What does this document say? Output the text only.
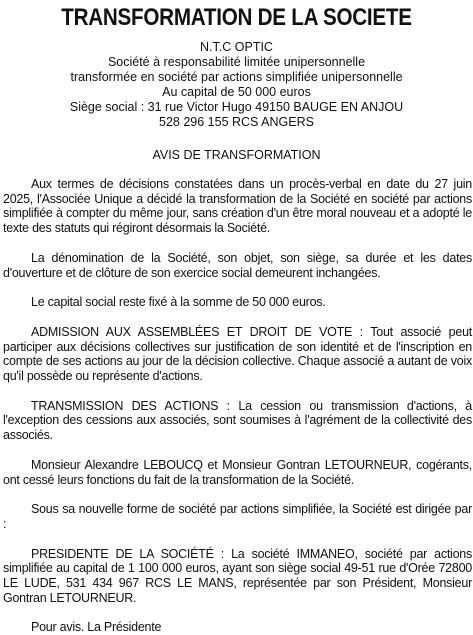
TRANSFORMATION DE LA SOCIETE
N.T.C OPTIC
Société à responsabilité limitée unipersonnelle
transformée en société par actions simplifiée unipersonnelle
Au capital de 50 000 euros
Siège social : 31 rue Victor Hugo 49150 BAUGE EN ANJOU
528 296 155 RCS ANGERS
AVIS DE TRANSFORMATION

Aux termes de décisions constatées dans un procès-verbal en date du 27 juin 2025, l'Associée Unique a décidé la transformation de la Société en société par actions simplifiée à compter du même jour, sans création d'un être moral nouveau et a adopté le texte des statuts qui régiront désormais la Société.

La dénomination de la Société, son objet, son siège, sa durée et les dates d'ouverture et de clôture de son exercice social demeurent inchangées.

Le capital social reste fixé à la somme de 50 000 euros.

ADMISSION AUX ASSEMBLÉES ET DROIT DE VOTE : Tout associé peut participer aux décisions collectives sur justification de son identité et de l'inscription en compte de ses actions au jour de la décision collective. Chaque associé a autant de voix qu'il possède ou représente d'actions.

TRANSMISSION DES ACTIONS : La cession ou transmission d'actions, à l'exception des cessions aux associés, sont soumises à l'agrément de la collectivité des associés.

Monsieur Alexandre LEBOUCQ et Monsieur Gontran LETOURNEUR, cogérants, ont cessé leurs fonctions du fait de la transformation de la Société.

Sous sa nouvelle forme de société par actions simplifiée, la Société est dirigée par :

PRESIDENTE DE LA SOCIÉTÉ : La société IMMANEO, société par actions simplifiée au capital de 1 100 000 euros, ayant son siège social 49-51 rue d'Orée 72800 LE LUDE, 531 434 967 RCS LE MANS, représentée par son Président, Monsieur Gontran LETOURNEUR.

Pour avis. La Présidente
